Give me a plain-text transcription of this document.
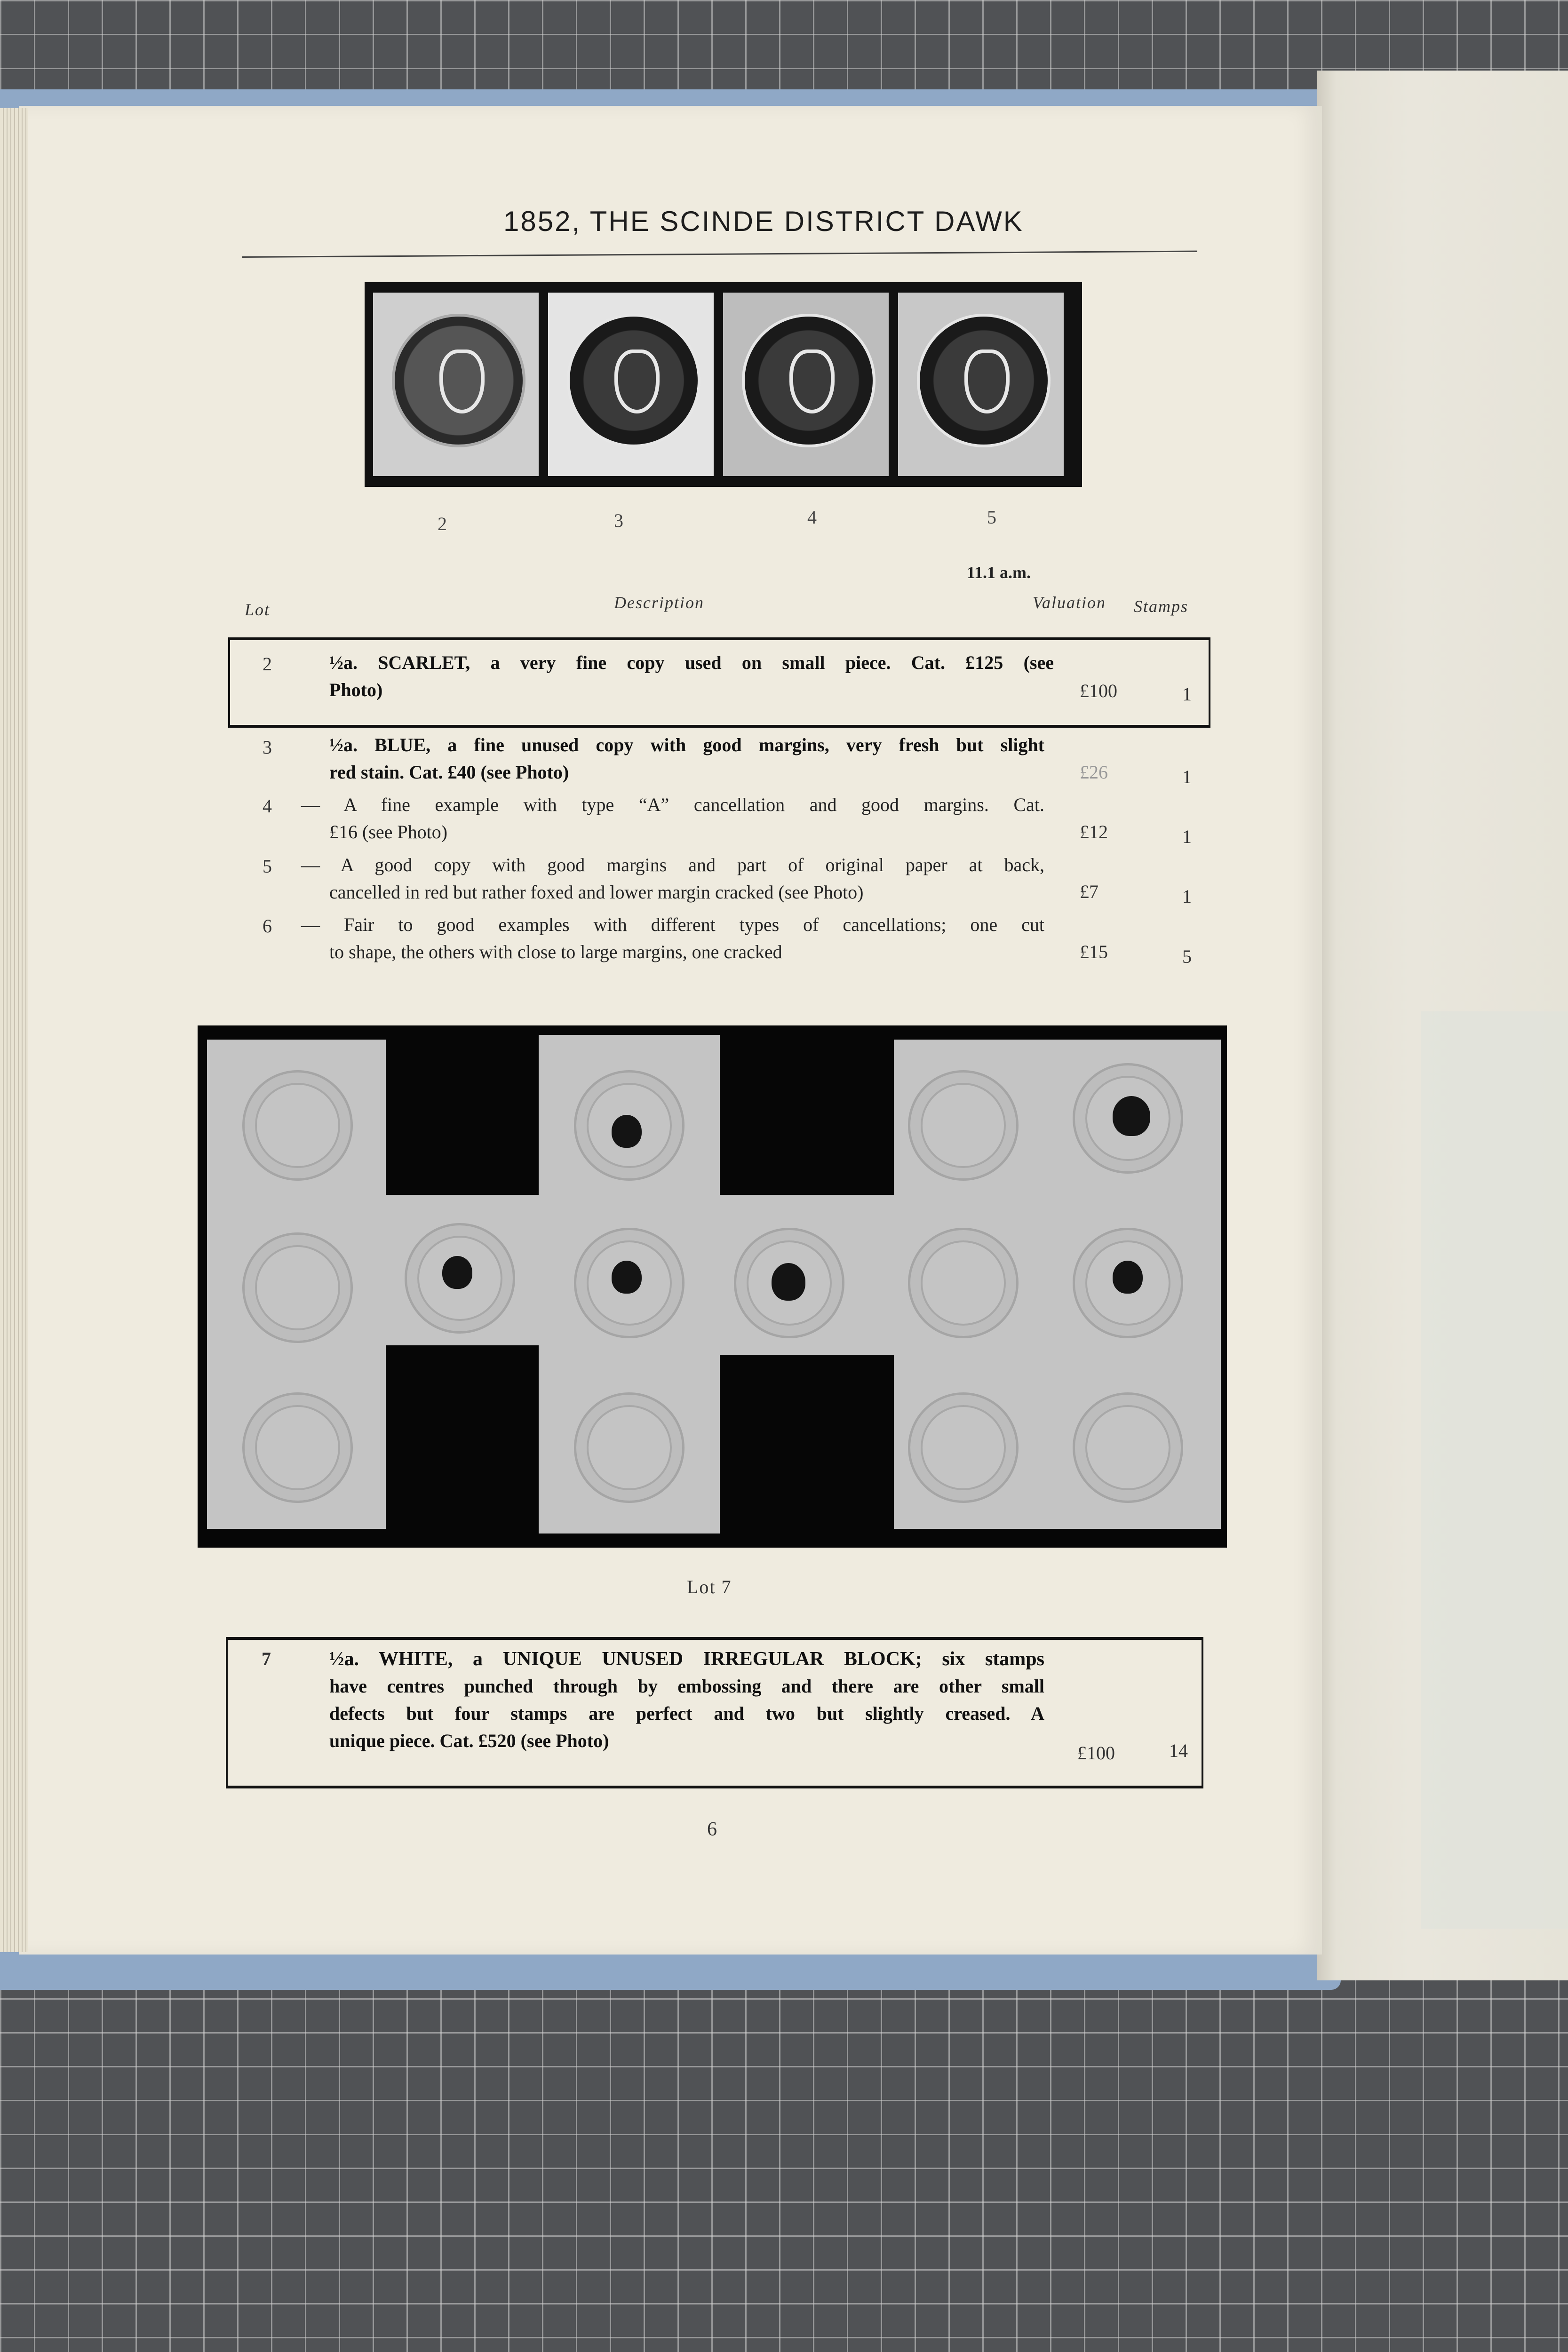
1852, THE SCINDE DISTRICT DAWK

2	3	4	5
11.1 a.m.
Lot	Description	Valuation Stamps
2	½a. SCARLET, a very fine copy used on small piece. Cat. £125 (see
Photo)	£100	1
3	½a. BLUE, a fine unused copy with good margins, very fresh but slight
red stain. Cat. £40 (see Photo)	£26	1
4 — A fine example with type “A” cancellation and good margins. Cat.
£16 (see Photo)	£12	1
5 — A good copy with good margins and part of original paper at back,
cancelled in red but rather foxed and lower margin cracked (see Photo)	£7	1
6 — Fair to good examples with different types of cancellations; one cut
to shape, the others with close to large margins, one cracked	£15	5
Lot 7
7	½a. WHITE, a UNIQUE UNUSED IRREGULAR BLOCK; six stamps
have centres punched through by embossing and there are other small
defects but four stamps are perfect and two but slightly creased. A
unique piece. Cat. £520 (see Photo)
£100	14
6
